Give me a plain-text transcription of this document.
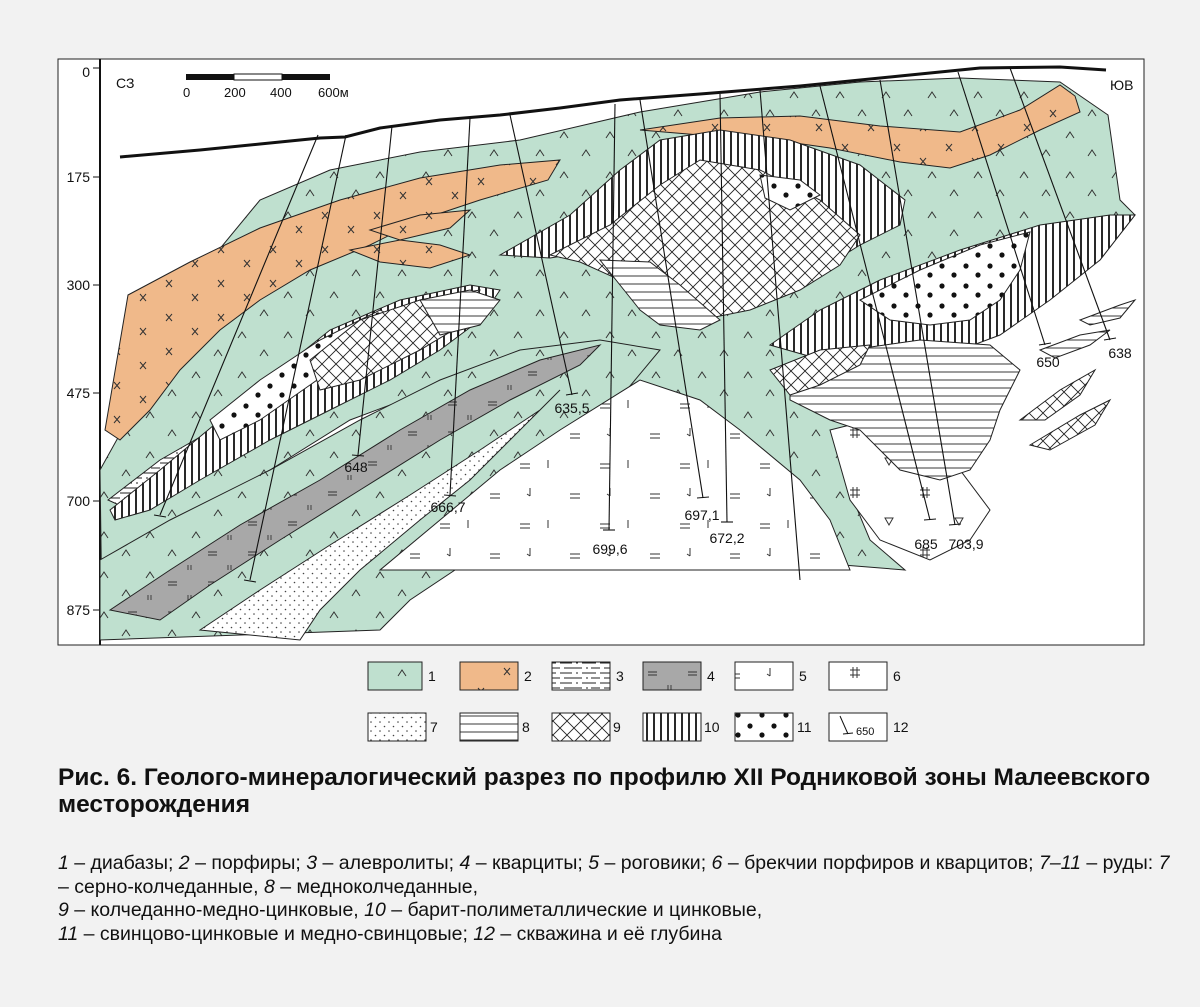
0
175
300
475
700
875
648
666,7
635,5
699,6
697,1
672,2	685 703,9
650
638
СЗ	ЮВ
0	200 400 600м
1	2	3	4	5	6
7	8	9	10	11	650 12
Рис. 6. Геолого-минералогический разрез по профилю XII Родниковой зоны Малеевского месторождения
1 – диабазы; 2 – порфиры; 3 – алевролиты; 4 – кварциты; 5 – роговики; 6 – брекчии порфиров и кварцитов; 7–11 – руды: 7 – серно-колчеданные, 8 – медноколчеданные,
9 – колчеданно-медно-цинковые, 10 – барит-полиметаллические и цинковые,
11 – свинцово-цинковые и медно-свинцовые; 12 – скважина и её глубина
